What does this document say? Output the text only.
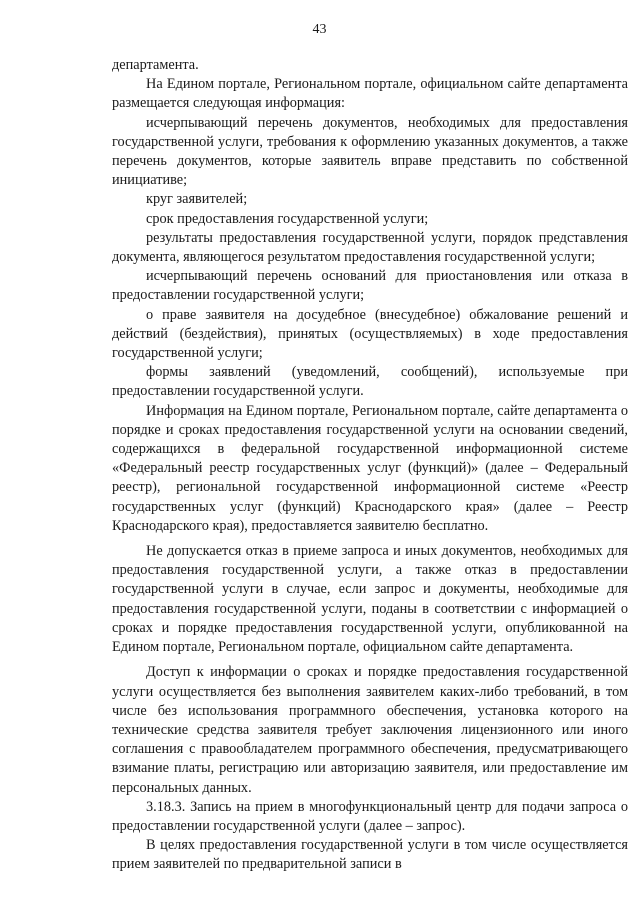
43

департамента.

На Едином портале, Региональном портале, официальном сайте департамента размещается следующая информация:

исчерпывающий перечень документов, необходимых для предоставления государственной услуги, требования к оформлению указанных документов, а также перечень документов, которые заявитель вправе представить по собственной инициативе;

круг заявителей;

срок предоставления государственной услуги;

результаты предоставления государственной услуги, порядок представления документа, являющегося результатом предоставления государственной услуги;

исчерпывающий перечень оснований для приостановления или отказа в предоставлении государственной услуги;

о праве заявителя на досудебное (внесудебное) обжалование решений и действий (бездействия), принятых (осуществляемых) в ходе предоставления государственной услуги;

формы заявлений (уведомлений, сообщений), используемые при предоставлении государственной услуги.

Информация на Едином портале, Региональном портале, сайте департамента о порядке и сроках предоставления государственной услуги на основании сведений, содержащихся в федеральной государственной информационной системе «Федеральный реестр государственных услуг (функций)» (далее – Федеральный реестр), региональной государственной информационной системе «Реестр государственных услуг (функций) Краснодарского края» (далее – Реестр Краснодарского края), предоставляется заявителю бесплатно.

Не допускается отказ в приеме запроса и иных документов, необходимых для предоставления государственной услуги, а также отказ в предоставлении государственной услуги в случае, если запрос и документы, необходимые для предоставления государственной услуги, поданы в соответствии с информацией о сроках и порядке предоставления государственной услуги, опубликованной на Едином портале, Региональном портале, официальном сайте департамента.

Доступ к информации о сроках и порядке предоставления государственной услуги осуществляется без выполнения заявителем каких-либо требований, в том числе без использования программного обеспечения, установка которого на технические средства заявителя требует заключения лицензионного или иного соглашения с правообладателем программного обеспечения, предусматривающего взимание платы, регистрацию или авторизацию заявителя, или предоставление им персональных данных.

3.18.3. Запись на прием в многофункциональный центр для подачи запроса о предоставлении государственной услуги (далее – запрос).

В целях предоставления государственной услуги в том числе осуществляется прием заявителей по предварительной записи в
